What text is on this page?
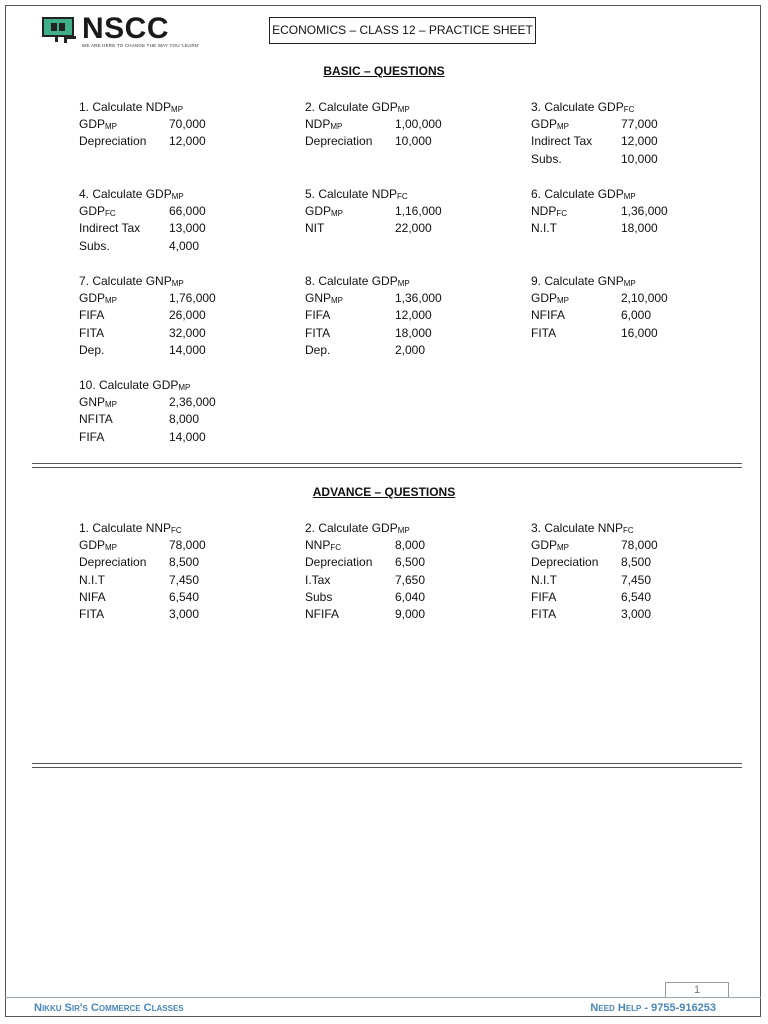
NSCC
WE ARE HERE TO CHANGE THE WAY YOU 'LEARN'
ECONOMICS – CLASS 12 – PRACTICE SHEET
BASIC – QUESTIONS
1. Calculate $NDP_{MP}$
$GDP_{MP}$	70,000
Depreciation 12,000
2. Calculate $GDP_{MP}$
$NDP_{MP}$	1,00,000
Depreciation 10,000
3. Calculate $GDP_{FC}$
$GDP_{MP}$	77,000
Indirect Tax 12,000
Subs.	10,000
4. Calculate $GDP_{MP}$
$GDP_{FC}$	66,000
Indirect Tax 13,000
Subs.	4,000
5. Calculate $NDP_{FC}$
$GDP_{MP}$	1,16,000
NIT	22,000
6. Calculate $GDP_{MP}$
$NDP_{FC}$	1,36,000
N.I.T	18,000
7. Calculate $GNP_{MP}$
$GDP_{MP}$	1,76,000
FIFA	26,000
FITA	32,000
Dep.	14,000
8. Calculate $GDP_{MP}$
$GNP_{MP}$	1,36,000
FIFA	12,000
FITA	18,000
Dep.	2,000
9. Calculate $GNP_{MP}$
$GDP_{MP}$	2,10,000
NFIFA	6,000
FITA	16,000
10. Calculate $GDP_{MP}$
$GNP_{MP}$	2,36,000
NFITA	8,000
FIFA	14,000
ADVANCE – QUESTIONS
1. Calculate $NNP_{FC}$
$GDP_{MP}$	78,000
Depreciation 8,500
N.I.T	7,450
NIFA	6,540
FITA	3,000
2. Calculate $GDP_{MP}$
$NNP_{FC}$	8,000
Depreciation 6,500
I.Tax	7,650
Subs	6,040
NFIFA	9,000
3. Calculate $NNP_{FC}$
$GDP_{MP}$	78,000
Depreciation 8,500
N.I.T	7,450
FIFA	6,540
FITA	3,000
1
Nikku Sir's Commerce Classes	Need Help - 9755-916253
